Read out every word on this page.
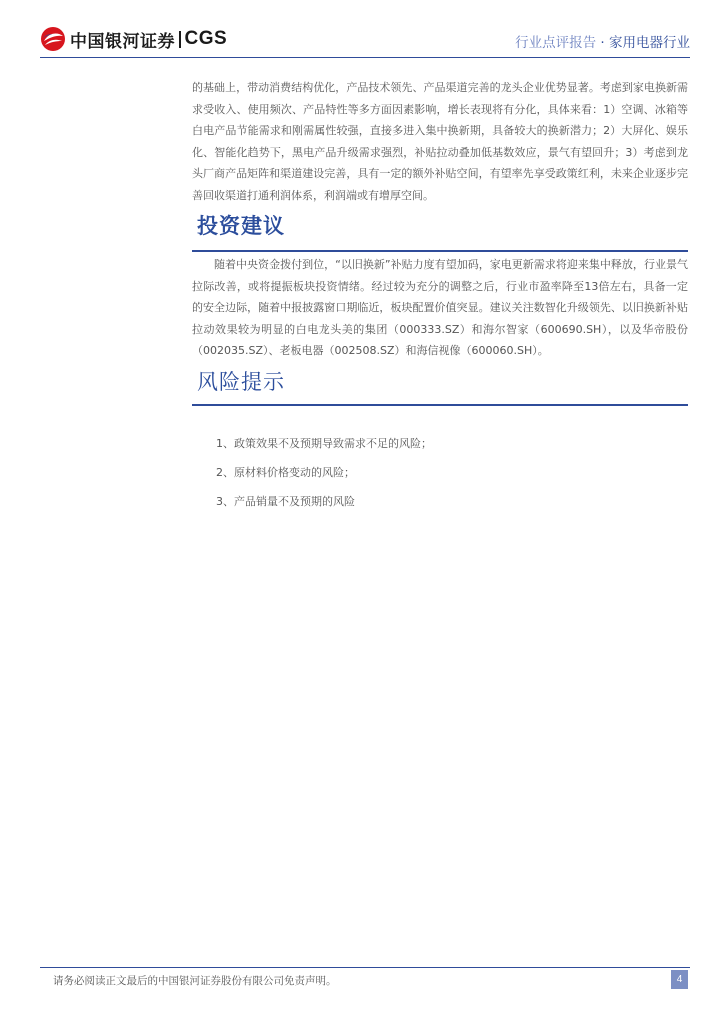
中国银河证券 CGS	行业点评报告 · 家用电器行业

的基础上，带动消费结构优化，产品技术领先、产品渠道完善的龙头企业优势显著。考虑到家电换新需求受收入、使用频次、产品特性等多方面因素影响，增长表现将有分化，具体来看：1）空调、冰箱等白电产品节能需求和刚需属性较强，直接多进入集中换新期，具备较大的换新潜力；2）大屏化、娱乐化、智能化趋势下，黑电产品升级需求强烈，补贴拉动叠加低基数效应，景气有望回升；3）考虑到龙头厂商产品矩阵和渠道建设完善，具有一定的额外补贴空间，有望率先享受政策红利，未来企业逐步完善回收渠道打通利润体系，利润端或有增厚空间。

投资建议

随着中央资金拨付到位，“以旧换新”补贴力度有望加码，家电更新需求将迎来集中释放，行业景气拉际改善，或将提振板块投资情绪。经过较为充分的调整之后，行业市盈率降至13倍左右，具备一定的安全边际，随着中报披露窗口期临近，板块配置价值突显。建议关注数智化升级领先、以旧换新补贴拉动效果较为明显的白电龙头美的集团（000333.SZ）和海尔智家（600690.SH），以及华帝股份（002035.SZ）、老板电器（002508.SZ）和海信视像（600060.SH）。

风险提示
1、政策效果不及预期导致需求不足的风险；
2、原材料价格变动的风险；
3、产品销量不及预期的风险
请务必阅读正文最后的中国银河证券股份有限公司免责声明。	4
